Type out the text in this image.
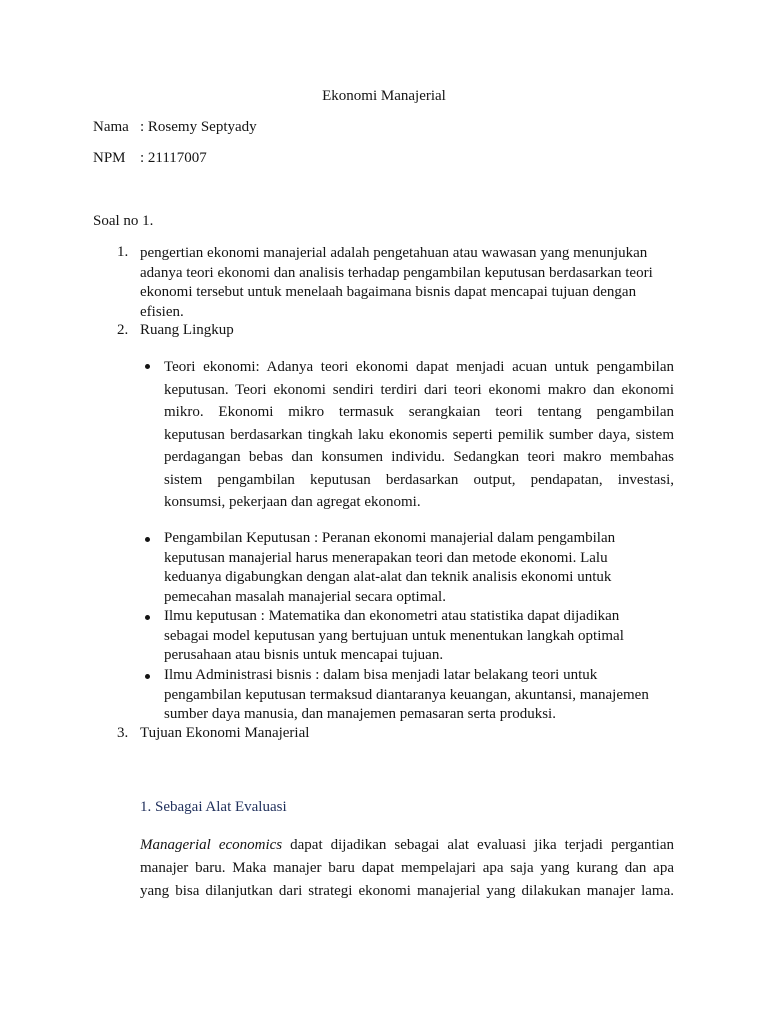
Ekonomi Manajerial
Nama : Rosemy Septyady
NPM : 21117007
Soal no 1.
1. pengertian ekonomi manajerial adalah pengetahuan atau wawasan yang menunjukan
adanya teori ekonomi dan analisis terhadap pengambilan keputusan berdasarkan teori
ekonomi tersebut untuk menelaah bagaimana bisnis dapat mencapai tujuan dengan
efisien.
2. Ruang Lingkup
Teori ekonomi: Adanya teori ekonomi dapat menjadi acuan untuk pengambilan
keputusan. Teori ekonomi sendiri terdiri dari teori ekonomi makro dan ekonomi
mikro. Ekonomi mikro termasuk serangkaian teori tentang pengambilan
keputusan berdasarkan tingkah laku ekonomis seperti pemilik sumber daya, sistem
perdagangan bebas dan konsumen individu. Sedangkan teori makro membahas
sistem pengambilan keputusan berdasarkan output, pendapatan, investasi,
konsumsi, pekerjaan dan agregat ekonomi.
Pengambilan Keputusan : Peranan ekonomi manajerial dalam pengambilan
keputusan manajerial harus menerapakan teori dan metode ekonomi. Lalu
keduanya digabungkan dengan alat-alat dan teknik analisis ekonomi untuk
pemecahan masalah manajerial secara optimal.
Ilmu keputusan : Matematika dan ekonometri atau statistika dapat dijadikan
sebagai model keputusan yang bertujuan untuk menentukan langkah optimal
perusahaan atau bisnis untuk mencapai tujuan.
Ilmu Administrasi bisnis : dalam bisa menjadi latar belakang teori untuk
pengambilan keputusan termaksud diantaranya keuangan, akuntansi, manajemen
sumber daya manusia, dan manajemen pemasaran serta produksi.
3. Tujuan Ekonomi Manajerial
1. Sebagai Alat Evaluasi
Managerial economics dapat dijadikan sebagai alat evaluasi jika terjadi pergantian
manajer baru. Maka manajer baru dapat mempelajari apa saja yang kurang dan apa
yang bisa dilanjutkan dari strategi ekonomi manajerial yang dilakukan manajer lama.
